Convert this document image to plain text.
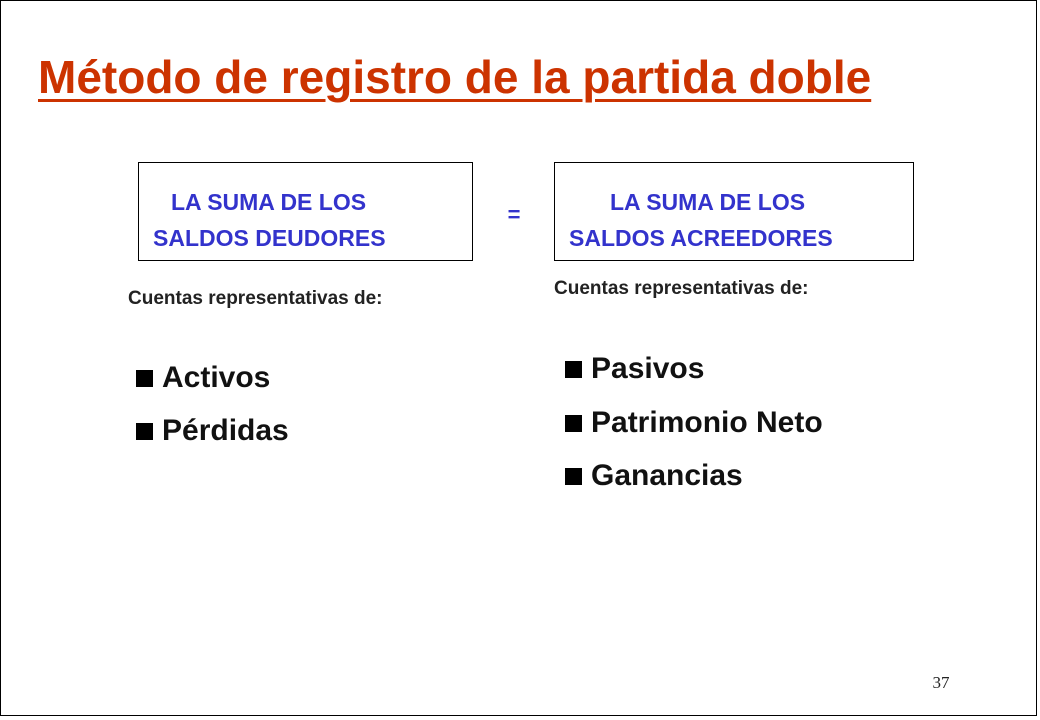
Método de registro de la partida doble
LA SUMA DE LOS
SALDOS DEUDORES
=	LA SUMA DE LOS
SALDOS ACREEDORES
Cuentas representativas de:	Cuentas representativas de:
Activos
Pérdidas
Pasivos
Patrimonio Neto
Ganancias
37
